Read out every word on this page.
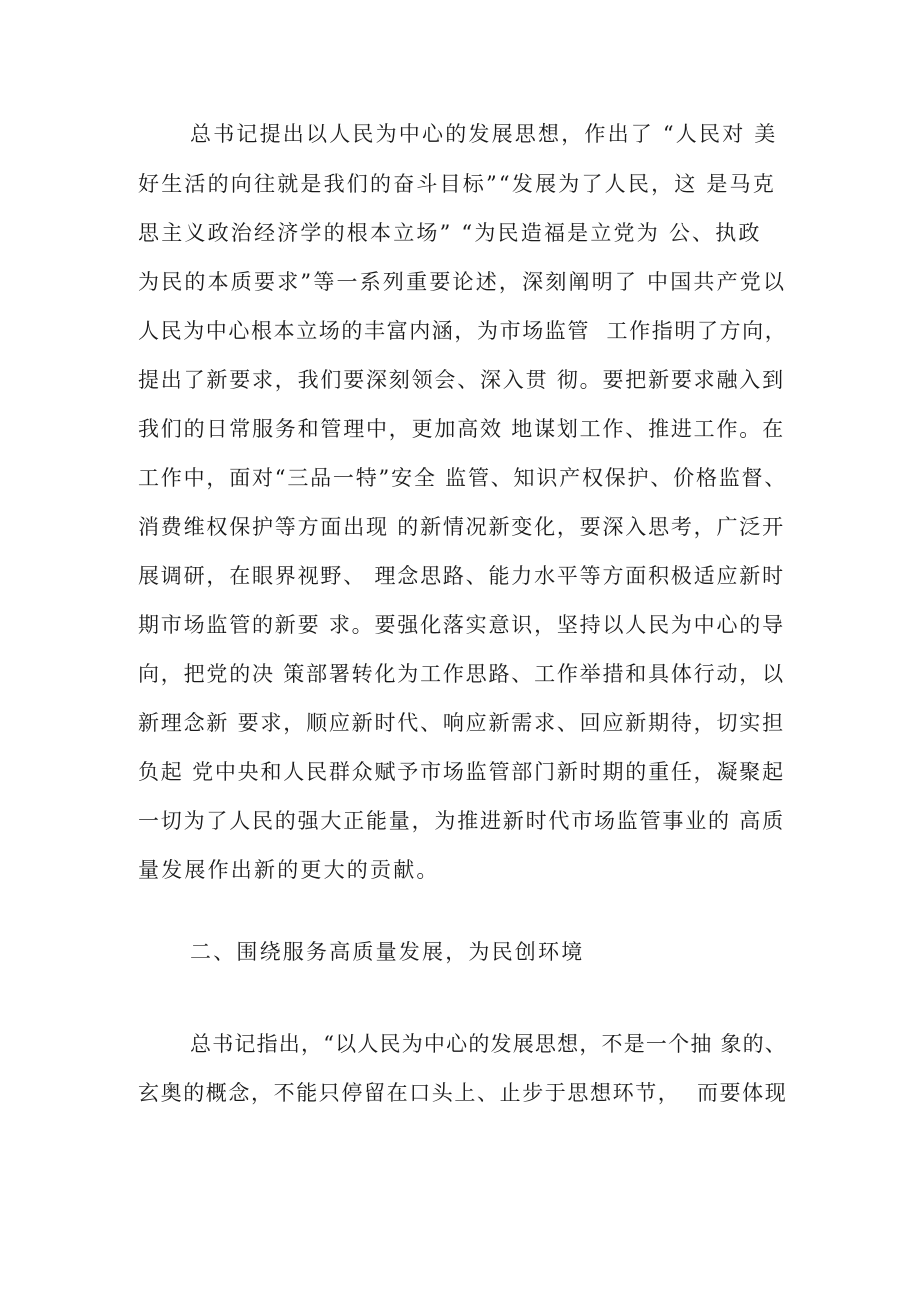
总书记提出以人民为中心的发展思想，作出了 “人民对 美
好生活的向往就是我们的奋斗目标”“发展为了人民，这 是马克
思主义政治经济学的根本立场” “为民造福是立党为 公、执政
为民的本质要求”等一系列重要论述，深刻阐明了 中国共产党以
人民为中心根本立场的丰富内涵，为市场监管  工作指明了方向，
提出了新要求，我们要深刻领会、深入贯 彻。要把新要求融入到
我们的日常服务和管理中，更加高效 地谋划工作、推进工作。在
工作中，面对“三品一特”安全 监管、知识产权保护、价格监督、
消费维权保护等方面出现 的新情况新变化，要深入思考，广泛开
展调研，在眼界视野、 理念思路、能力水平等方面积极适应新时
期市场监管的新要 求。要强化落实意识，坚持以人民为中心的导
向，把党的决 策部署转化为工作思路、工作举措和具体行动，以
新理念新 要求，顺应新时代、响应新需求、回应新期待，切实担
负起 党中央和人民群众赋予市场监管部门新时期的重任，凝聚起
一切为了人民的强大正能量，为推进新时代市场监管事业的 高质
量发展作出新的更大的贡献。
二、围绕服务高质量发展，为民创环境
总书记指出，“以人民为中心的发展思想，不是一个抽 象的、
玄奥的概念，不能只停留在口头上、止步于思想环节，  而要体现
